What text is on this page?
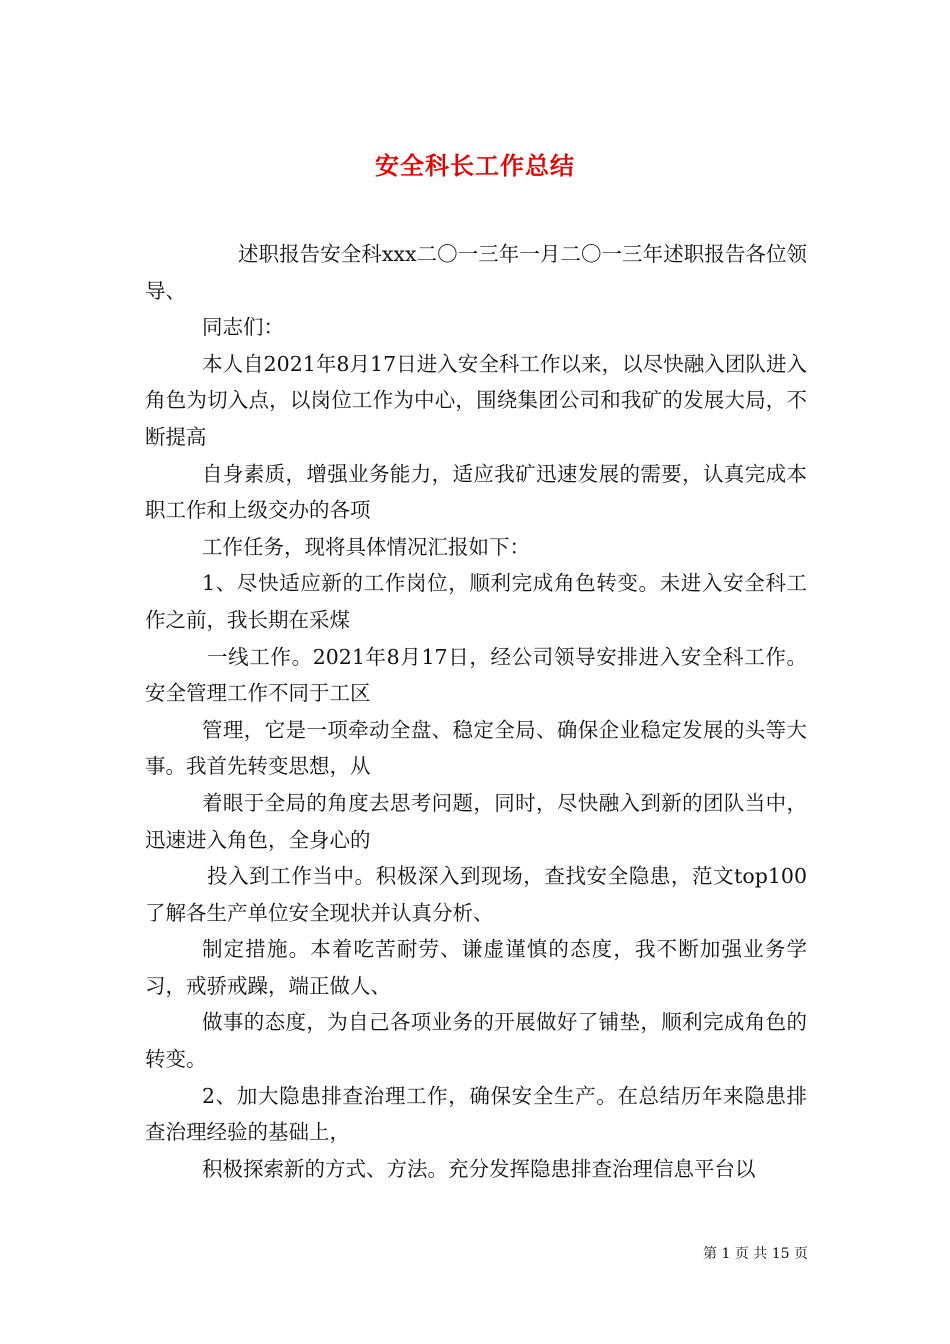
安全科长工作总结

述职报告安全科xxx二〇一三年一月二〇一三年述职报告各位领导、

同志们：

本人自2021年8月17日进入安全科工作以来，以尽快融入团队进入角色为切入点，以岗位工作为中心，围绕集团公司和我矿的发展大局，不断提高

自身素质，增强业务能力，适应我矿迅速发展的需要，认真完成本职工作和上级交办的各项

工作任务，现将具体情况汇报如下：

1、尽快适应新的工作岗位，顺利完成角色转变。未进入安全科工作之前，我长期在采煤

一线工作。2021年8月17日，经公司领导安排进入安全科工作。安全管理工作不同于工区

管理，它是一项牵动全盘、稳定全局、确保企业稳定发展的头等大事。我首先转变思想，从

着眼于全局的角度去思考问题，同时，尽快融入到新的团队当中，迅速进入角色，全身心的

投入到工作当中。积极深入到现场，查找安全隐患，范文top100了解各生产单位安全现状并认真分析、

制定措施。本着吃苦耐劳、谦虚谨慎的态度，我不断加强业务学习，戒骄戒躁，端正做人、

做事的态度，为自己各项业务的开展做好了铺垫，顺利完成角色的转变。

2、加大隐患排查治理工作，确保安全生产。在总结历年来隐患排查治理经验的基础上，

积极探索新的方式、方法。充分发挥隐患排查治理信息平台以

第 1 页 共 15 页
